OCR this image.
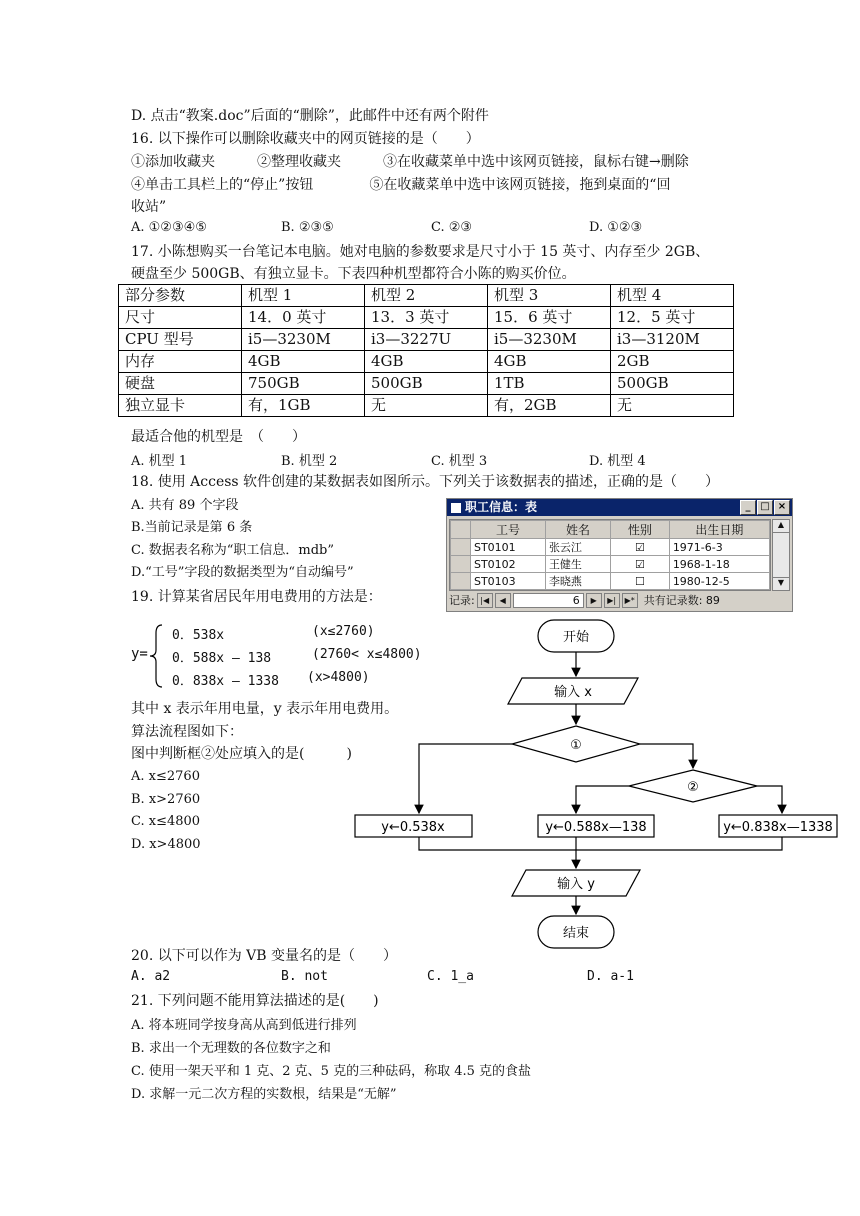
D. 点击“教案.doc”后面的“删除”，此邮件中还有两个附件
16. 以下操作可以删除收藏夹中的网页链接的是（　　）
①添加收藏夹　　　②整理收藏夹　　　③在收藏菜单中选中该网页链接，鼠标右键→删除
④单击工具栏上的“停止”按钮　　　　⑤在收藏菜单中选中该网页链接，拖到桌面的“回
收站”
A. ①②③④⑤	B. ②③⑤	C. ②③	D. ①②③
17. 小陈想购买一台笔记本电脑。她对电脑的参数要求是尺寸小于 15 英寸、内存至少 2GB、
硬盘至少 500GB、有独立显卡。下表四种机型都符合小陈的购买价位。
部分参数	机型 1	机型 2	机型 3	机型 4
尺寸	14．0 英寸	13．3 英寸	15．6 英寸	12．5 英寸
CPU 型号	i5—3230M	i3—3227U	i5—3230M	i3—3120M
内存	4GB	4GB	4GB	2GB
硬盘	750GB	500GB	1TB	500GB
独立显卡	有，1GB	无	有，2GB	无
最适合他的机型是　（　　）
A. 机型 1	B. 机型 2	C. 机型 3	D. 机型 4
18. 使用 Access 软件创建的某数据表如图所示。下列关于该数据表的描述，正确的是（　　）
A. 共有 89 个字段
B.当前记录是第 6 条
C. 数据表名称为“职工信息．mdb”
D.“工号”字段的数据类型为“自动编号”
职工信息：表	_ □ ×
	工号	姓名	性别	出生日期
	ST0101	张云江	☑	1971-6-3
	ST0102	王健生	☑	1968-1-18
	ST0103	李晓燕	☐	1980-12-5
▲
▼
记录: |◀	◀	6	▶	▶|	▶* 共有记录数: 89
19. 计算某省居民年用电费用的方法是：
y=
0．538x	(x≤2760)
0．588x — 138	(2760< x≤4800)
0．838x — 1338 (x>4800)
其中 x 表示年用电量，y 表示年用电费用。
算法流程图如下：
图中判断框②处应填入的是(　　　)
A. x≤2760
B. x>2760
C. x≤4800
D. x>4800
开始
输入 x
①
②
y←0.538x	y←0.588x—138	y←0.838x—1338
输入 y
结束
20. 以下可以作为 VB 变量名的是（　　）
A. a2	B. not	C. 1_a	D. a-1
21. 下列问题不能用算法描述的是(　　)
A. 将本班同学按身高从高到低进行排列
B. 求出一个无理数的各位数字之和
C. 使用一架天平和 1 克、2 克、5 克的三种砝码，称取 4.5 克的食盐
D. 求解一元二次方程的实数根，结果是“无解”
